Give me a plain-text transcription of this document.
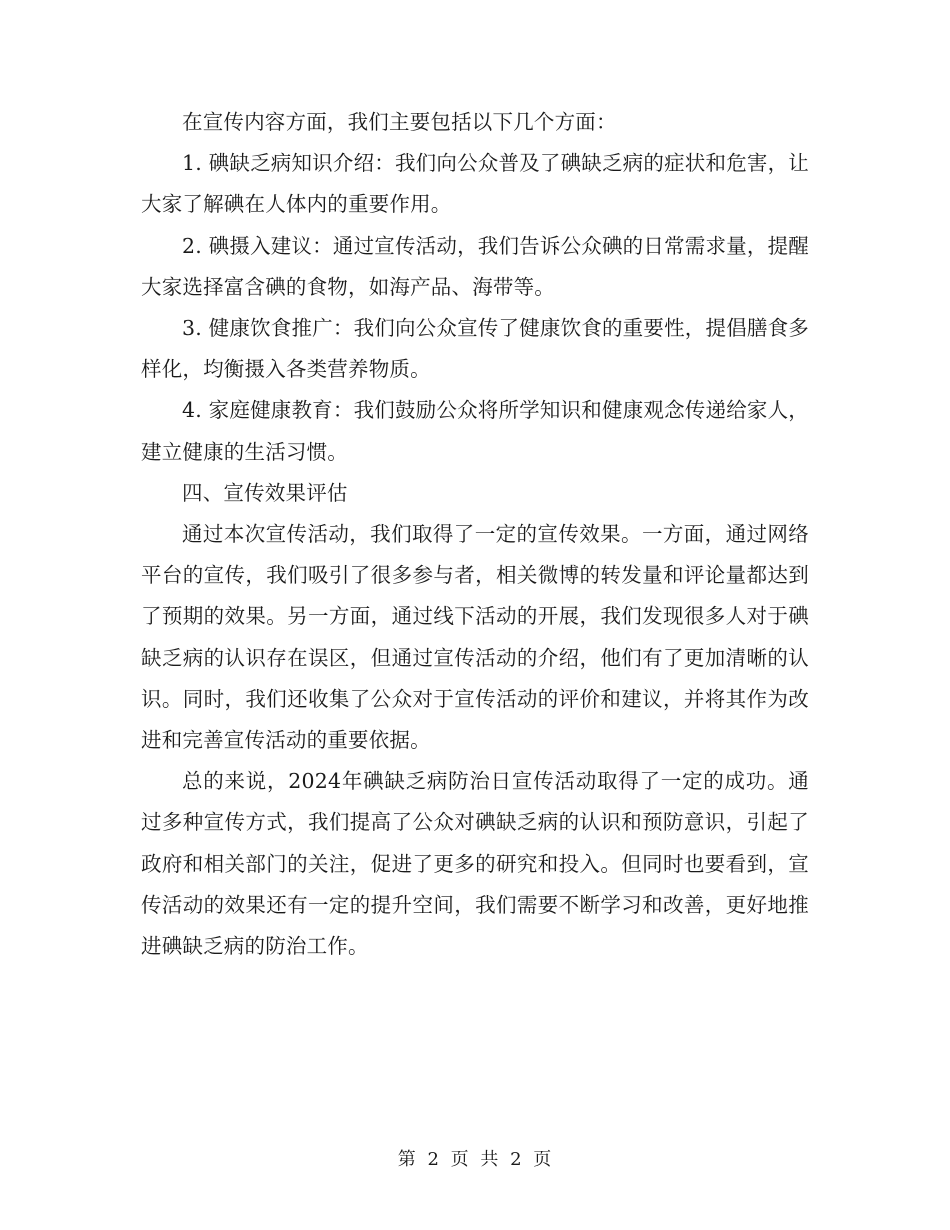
在宣传内容方面，我们主要包括以下几个方面：

1. 碘缺乏病知识介绍：我们向公众普及了碘缺乏病的症状和危害，让大家了解碘在人体内的重要作用。

2. 碘摄入建议：通过宣传活动，我们告诉公众碘的日常需求量，提醒大家选择富含碘的食物，如海产品、海带等。

3. 健康饮食推广：我们向公众宣传了健康饮食的重要性，提倡膳食多样化，均衡摄入各类营养物质。

4. 家庭健康教育：我们鼓励公众将所学知识和健康观念传递给家人，建立健康的生活习惯。

四、宣传效果评估

通过本次宣传活动，我们取得了一定的宣传效果。一方面，通过网络平台的宣传，我们吸引了很多参与者，相关微博的转发量和评论量都达到了预期的效果。另一方面，通过线下活动的开展，我们发现很多人对于碘缺乏病的认识存在误区，但通过宣传活动的介绍，他们有了更加清晰的认识。同时，我们还收集了公众对于宣传活动的评价和建议，并将其作为改进和完善宣传活动的重要依据。

总的来说，2024年碘缺乏病防治日宣传活动取得了一定的成功。通过多种宣传方式，我们提高了公众对碘缺乏病的认识和预防意识，引起了政府和相关部门的关注，促进了更多的研究和投入。但同时也要看到，宣传活动的效果还有一定的提升空间，我们需要不断学习和改善，更好地推进碘缺乏病的防治工作。

第 2 页 共 2 页
